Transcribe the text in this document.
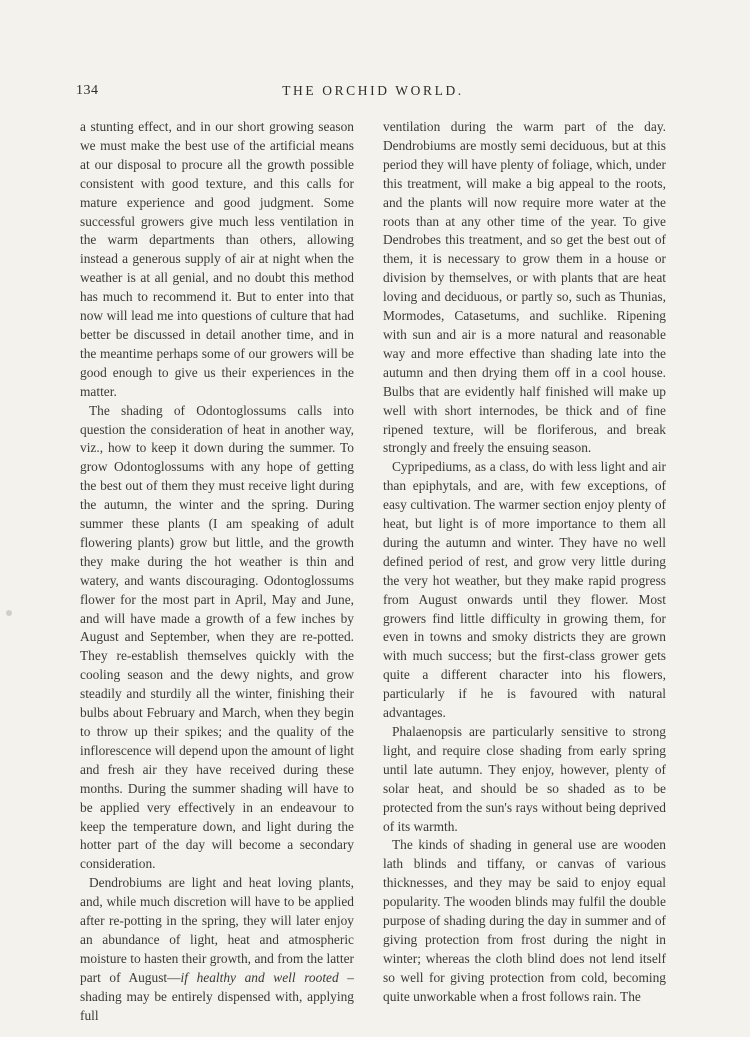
134	THE ORCHID WORLD.

a stunting effect, and in our short growing season we must make the best use of the artificial means at our disposal to procure all the growth possible consistent with good texture, and this calls for mature experience and good judgment. Some successful growers give much less ventilation in the warm departments than others, allowing instead a generous supply of air at night when the weather is at all genial, and no doubt this method has much to recommend it. But to enter into that now will lead me into questions of culture that had better be discussed in detail another time, and in the meantime perhaps some of our growers will be good enough to give us their experiences in the matter.

The shading of Odontoglossums calls into question the consideration of heat in another way, viz., how to keep it down during the summer. To grow Odontoglossums with any hope of getting the best out of them they must receive light during the autumn, the winter and the spring. During summer these plants (I am speaking of adult flowering plants) grow but little, and the growth they make during the hot weather is thin and watery, and wants discouraging. Odontoglossums flower for the most part in April, May and June, and will have made a growth of a few inches by August and September, when they are re-potted. They re-establish themselves quickly with the cooling season and the dewy nights, and grow steadily and sturdily all the winter, finishing their bulbs about February and March, when they begin to throw up their spikes; and the quality of the inflorescence will depend upon the amount of light and fresh air they have received during these months. During the summer shading will have to be applied very effectively in an endeavour to keep the temperature down, and light during the hotter part of the day will become a secondary consideration.

Dendrobiums are light and heat loving plants, and, while much discretion will have to be applied after re-potting in the spring, they will later enjoy an abundance of light, heat and atmospheric moisture to hasten their growth, and from the latter part of August—if healthy and well rooted –shading may be entirely dispensed with, applying full

ventilation during the warm part of the day. Dendrobiums are mostly semi deciduous, but at this period they will have plenty of foliage, which, under this treatment, will make a big appeal to the roots, and the plants will now require more water at the roots than at any other time of the year. To give Dendrobes this treatment, and so get the best out of them, it is necessary to grow them in a house or division by themselves, or with plants that are heat loving and deciduous, or partly so, such as Thunias, Mormodes, Catasetums, and suchlike. Ripening with sun and air is a more natural and reasonable way and more effective than shading late into the autumn and then drying them off in a cool house. Bulbs that are evidently half finished will make up well with short internodes, be thick and of fine ripened texture, will be floriferous, and break strongly and freely the ensuing season.

Cypripediums, as a class, do with less light and air than epiphytals, and are, with few exceptions, of easy cultivation. The warmer section enjoy plenty of heat, but light is of more importance to them all during the autumn and winter. They have no well defined period of rest, and grow very little during the very hot weather, but they make rapid progress from August onwards until they flower. Most growers find little difficulty in growing them, for even in towns and smoky districts they are grown with much success; but the first-class grower gets quite a different character into his flowers, particularly if he is favoured with natural advantages.

Phalaenopsis are particularly sensitive to strong light, and require close shading from early spring until late autumn. They enjoy, however, plenty of solar heat, and should be so shaded as to be protected from the sun's rays without being deprived of its warmth.

The kinds of shading in general use are wooden lath blinds and tiffany, or canvas of various thicknesses, and they may be said to enjoy equal popularity. The wooden blinds may fulfil the double purpose of shading during the day in summer and of giving protection from frost during the night in winter; whereas the cloth blind does not lend itself so well for giving protection from cold, becoming quite unworkable when a frost follows rain. The
